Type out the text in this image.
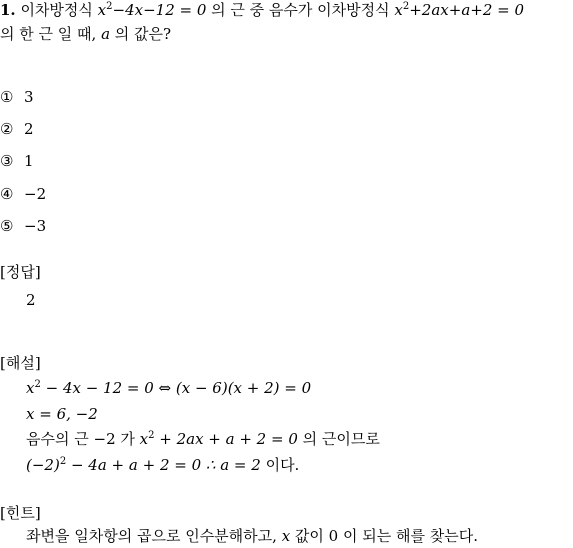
1. 이차방정식 $x^2-4x-12 = 0$ 의 근 중 음수가 이차방정식 $x^2+2ax+a+2 = 0$
의 한 근 일 때, a 의 값은?
① 3
② 2
③ 1
④ −2
⑤ −3
[정답]
2
[해설]
$x^2 - 4x - 12 = 0$ ⇔ (x − 6)(x + 2) = 0
x = 6, −2
음수의 근 −2 가 $x^2 + 2ax + a + 2 = 0$ 의 근이므로
$(-2)^2 - 4a + a + 2 = 0$ ∴ a = 2 이다.
[힌트]
좌변을 일차항의 곱으로 인수분해하고, x 값이 0 이 되는 해를 찾는다.
